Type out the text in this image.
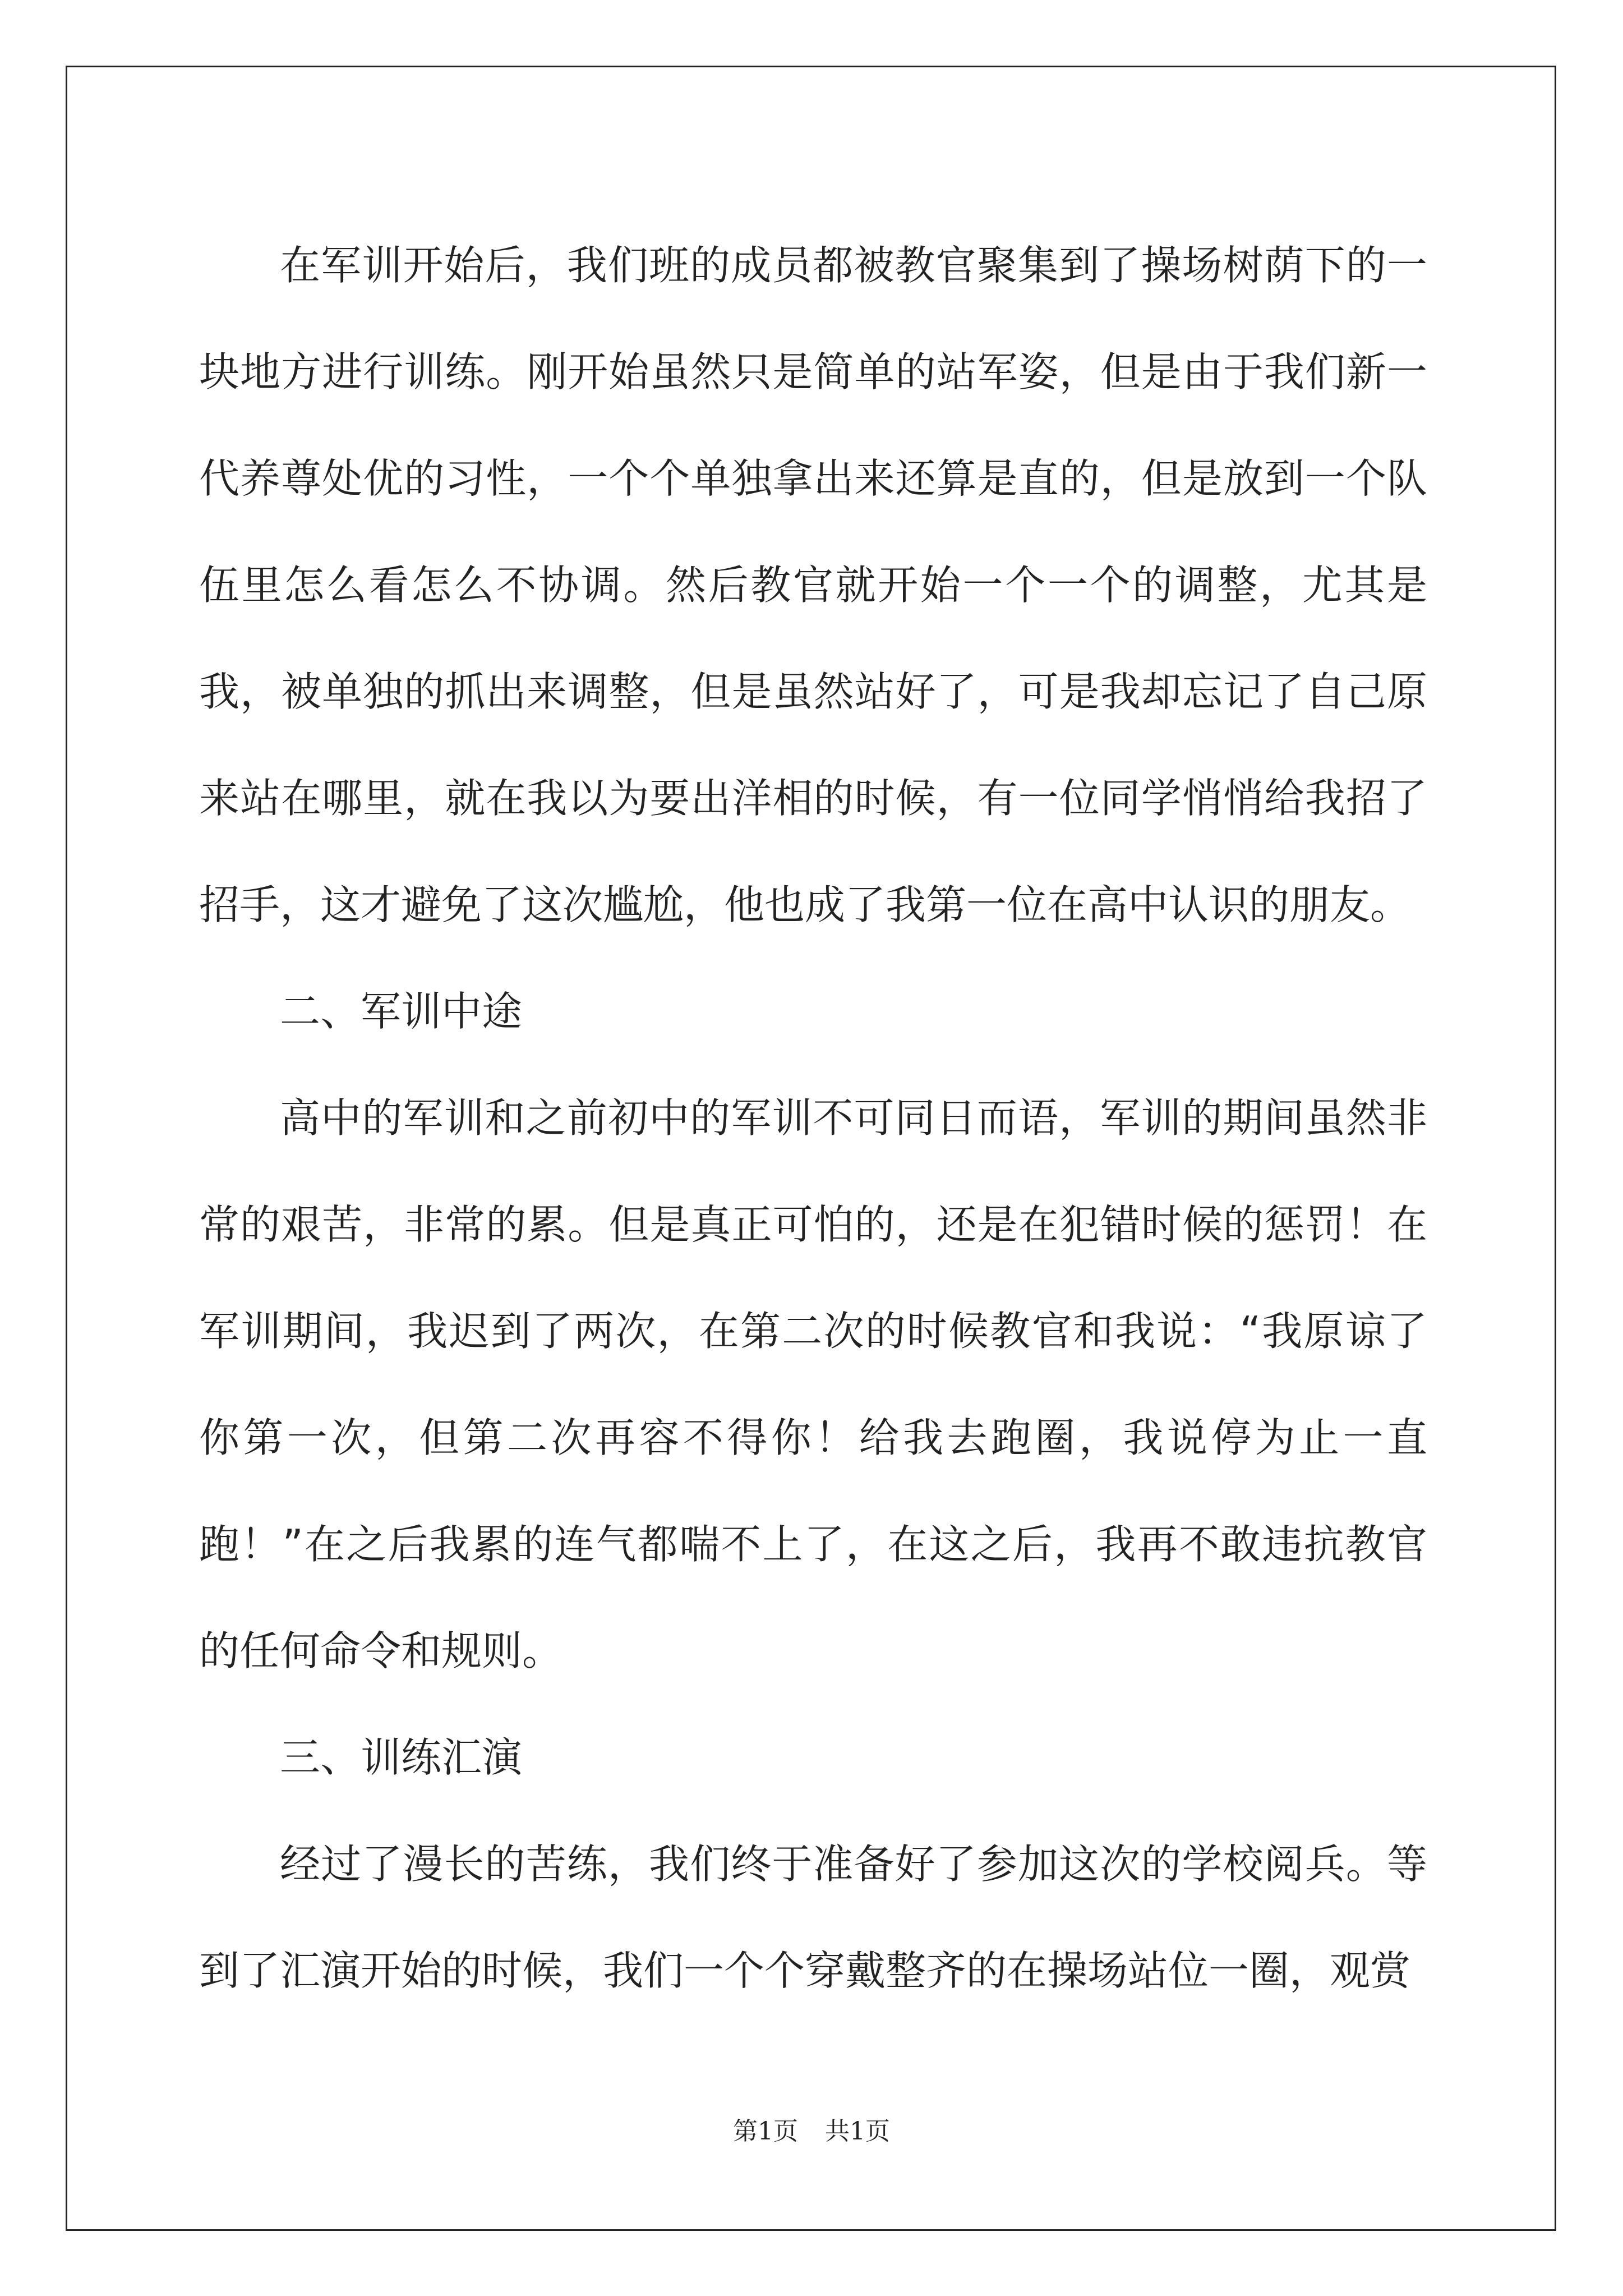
在军训开始后，我们班的成员都被教官聚集到了操场树荫下的一块地方进行训练。刚开始虽然只是简单的站军姿，但是由于我们新一代养尊处优的习性，一个个单独拿出来还算是直的，但是放到一个队伍里怎么看怎么不协调。然后教官就开始一个一个的调整，尤其是我，被单独的抓出来调整，但是虽然站好了，可是我却忘记了自己原来站在哪里，就在我以为要出洋相的时候，有一位同学悄悄给我招了招手，这才避免了这次尴尬，他也成了我第一位在高中认识的朋友。

二、军训中途

高中的军训和之前初中的军训不可同日而语，军训的期间虽然非常的艰苦，非常的累。但是真正可怕的，还是在犯错时候的惩罚！在军训期间，我迟到了两次，在第二次的时候教官和我说：“我原谅了你第一次，但第二次再容不得你！给我去跑圈，我说停为止一直跑！”在之后我累的连气都喘不上了，在这之后，我再不敢违抗教官的任何命令和规则。

三、训练汇演

经过了漫长的苦练，我们终于准备好了参加这次的学校阅兵。等到了汇演开始的时候，我们一个个穿戴整齐的在操场站位一圈，观赏

第1页 共1页
